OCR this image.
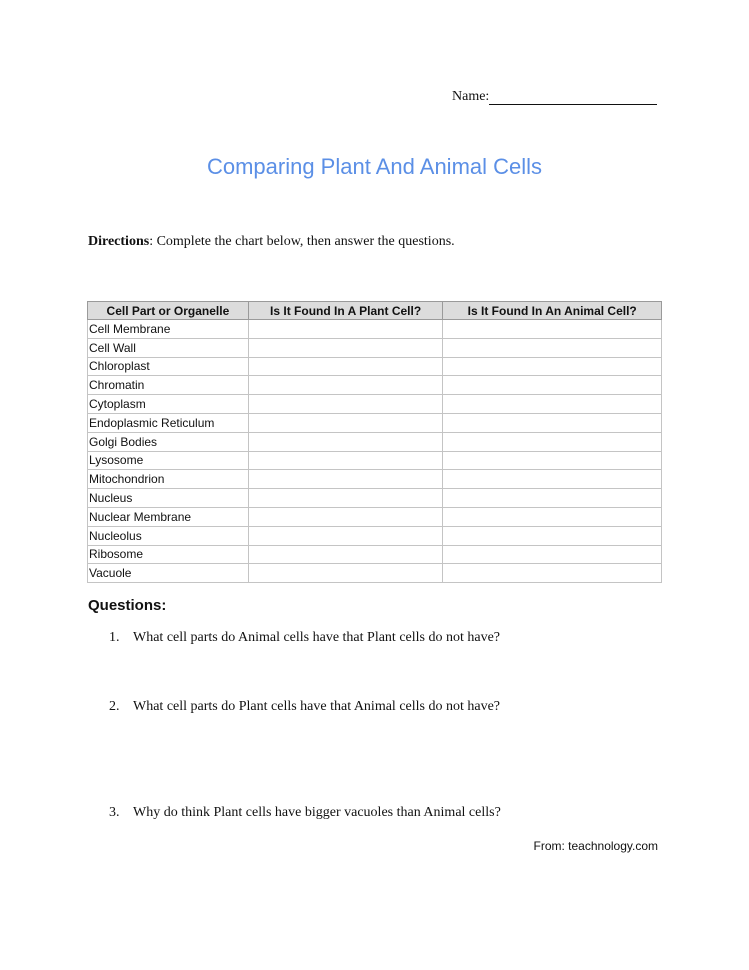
Name:
Comparing Plant And Animal Cells
Directions: Complete the chart below, then answer the questions.
Cell Part or Organelle	Is It Found In A Plant Cell?	Is It Found In An Animal Cell?
Cell Membrane		
Cell Wall		
Chloroplast		
Chromatin		
Cytoplasm		
Endoplasmic Reticulum		
Golgi Bodies		
Lysosome		
Mitochondrion		
Nucleus		
Nuclear Membrane		
Nucleolus		
Ribosome		
Vacuole		
Questions:
1. What cell parts do Animal cells have that Plant cells do not have?
2. What cell parts do Plant cells have that Animal cells do not have?
3. Why do think Plant cells have bigger vacuoles than Animal cells?
From: teachnology.com
